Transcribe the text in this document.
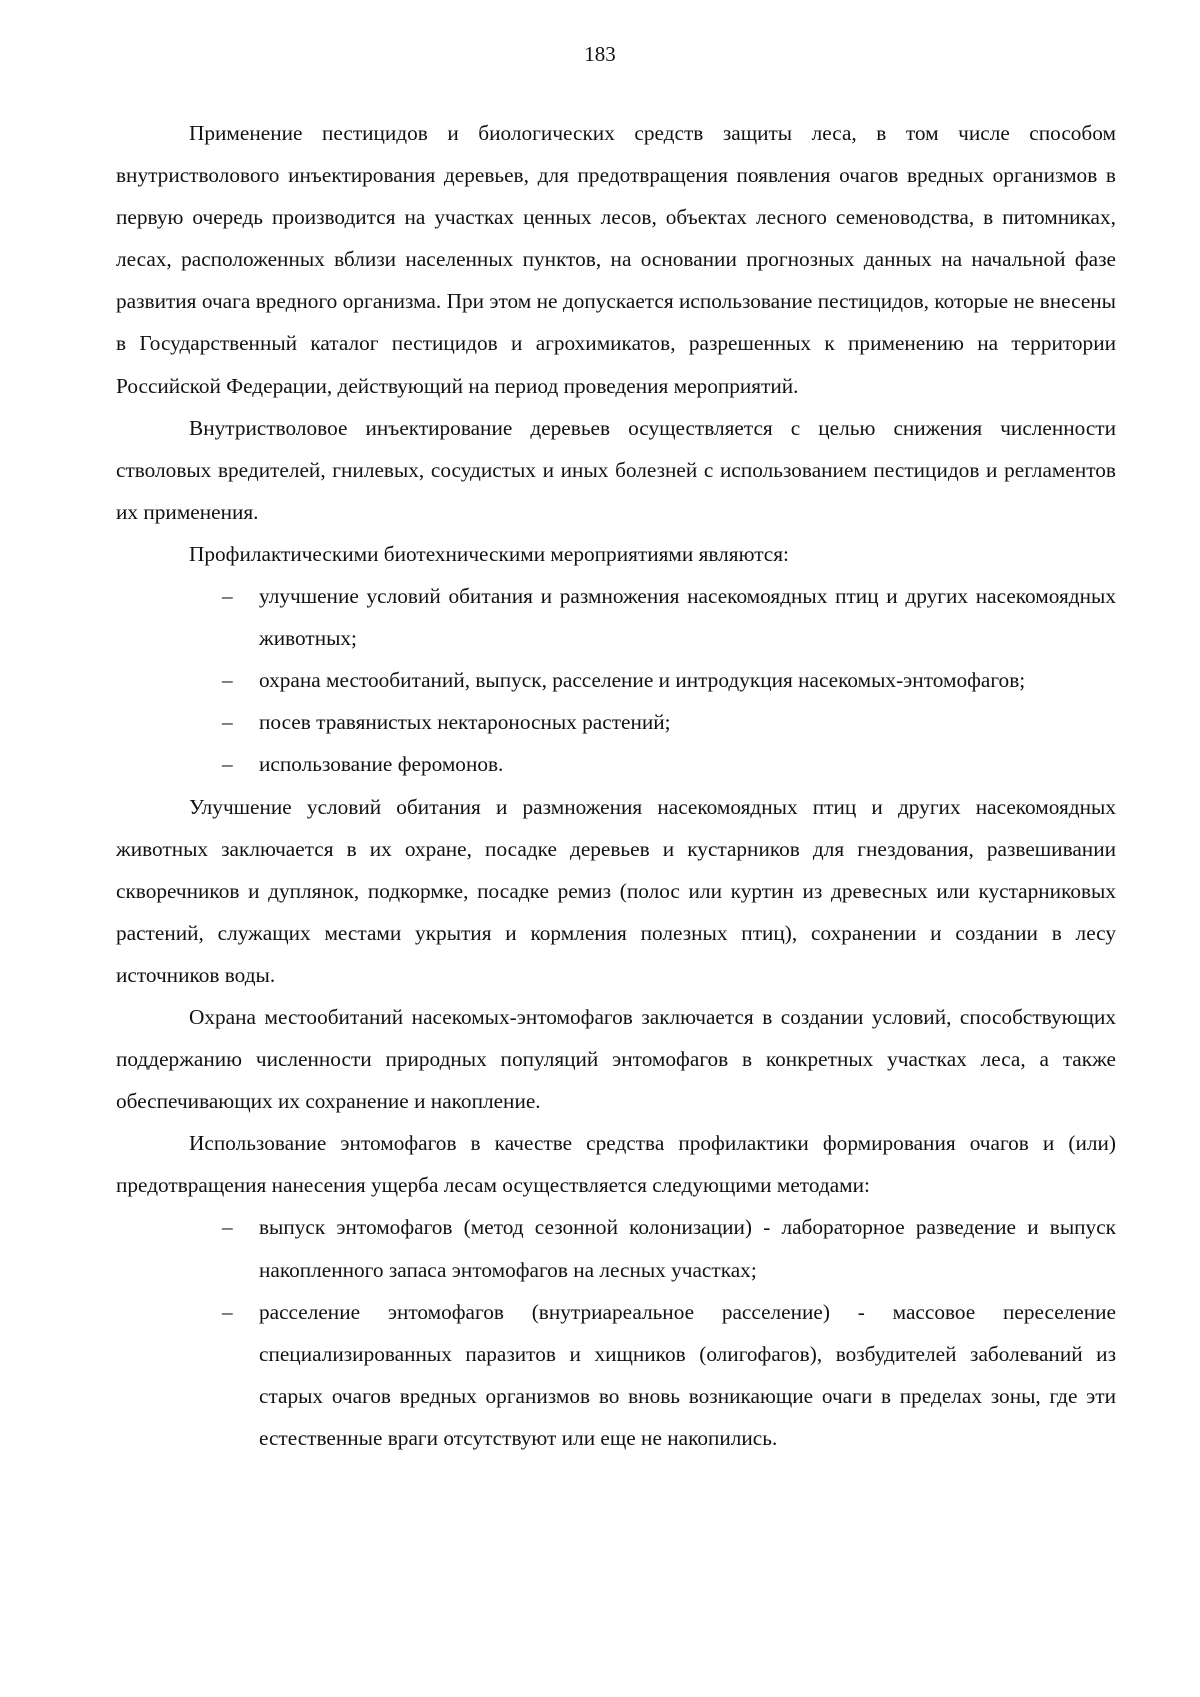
183

Применение пестицидов и биологических средств защиты леса, в том числе способом внутристволового инъектирования деревьев, для предотвращения появления очагов вредных организмов в первую очередь производится на участках ценных лесов, объектах лесного семеноводства, в питомниках, лесах, расположенных вблизи населенных пунктов, на основании прогнозных данных на начальной фазе развития очага вредного организма. При этом не допускается использование пестицидов, которые не внесены в Государственный каталог пестицидов и агрохимикатов, разрешенных к применению на территории Российской Федерации, действующий на период проведения мероприятий.

Внутристволовое инъектирование деревьев осуществляется с целью снижения численности стволовых вредителей, гнилевых, сосудистых и иных болезней с использованием пестицидов и регламентов их применения.

Профилактическими биотехническими мероприятиями являются:

– улучшение условий обитания и размножения насекомоядных птиц и других насекомоядных животных;
– охрана местообитаний, выпуск, расселение и интродукция насекомых-энтомофагов;
– посев травянистых нектароносных растений;
– использование феромонов.

Улучшение условий обитания и размножения насекомоядных птиц и других насекомоядных животных заключается в их охране, посадке деревьев и кустарников для гнездования, развешивании скворечников и дуплянок, подкормке, посадке ремиз (полос или куртин из древесных или кустарниковых растений, служащих местами укрытия и кормления полезных птиц), сохранении и создании в лесу источников воды.

Охрана местообитаний насекомых-энтомофагов заключается в создании условий, способствующих поддержанию численности природных популяций энтомофагов в конкретных участках леса, а также обеспечивающих их сохранение и накопление.

Использование энтомофагов в качестве средства профилактики формирования очагов и (или) предотвращения нанесения ущерба лесам осуществляется следующими методами:

– выпуск энтомофагов (метод сезонной колонизации) - лабораторное разведение и выпуск накопленного запаса энтомофагов на лесных участках;
– расселение энтомофагов (внутриареальное расселение) - массовое переселение специализированных паразитов и хищников (олигофагов), возбудителей заболеваний из старых очагов вредных организмов во вновь возникающие очаги в пределах зоны, где эти естественные враги отсутствуют или еще не накопились.
